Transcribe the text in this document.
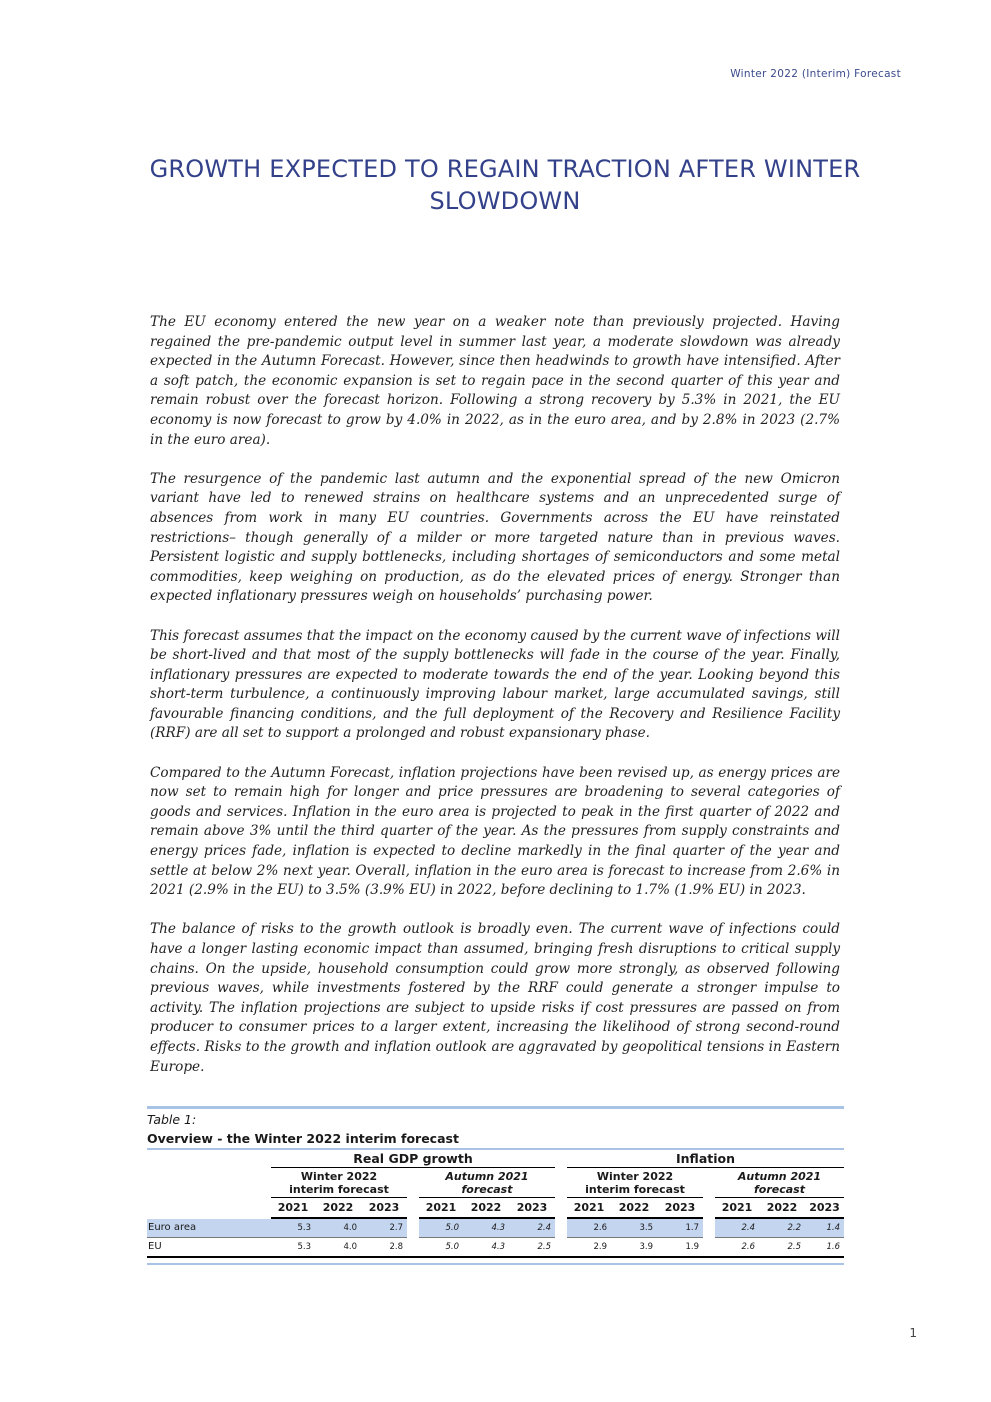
Winter 2022 (Interim) Forecast
GROWTH EXPECTED TO REGAIN TRACTION AFTER WINTER SLOWDOWN

The EU economy entered the new year on a weaker note than previously projected. Having regained the pre-pandemic output level in summer last year, a moderate slowdown was already expected in the Autumn Forecast. However, since then headwinds to growth have intensified. After a soft patch, the economic expansion is set to regain pace in the second quarter of this year and remain robust over the forecast horizon. Following a strong recovery by 5.3% in 2021, the EU economy is now forecast to grow by 4.0% in 2022, as in the euro area, and by 2.8% in 2023 (2.7% in the euro area).

The resurgence of the pandemic last autumn and the exponential spread of the new Omicron variant have led to renewed strains on healthcare systems and an unprecedented surge of absences from work in many EU countries. Governments across the EU have reinstated restrictions– though generally of a milder or more targeted nature than in previous waves. Persistent logistic and supply bottlenecks, including shortages of semiconductors and some metal commodities, keep weighing on production, as do the elevated prices of energy. Stronger than expected inflationary pressures weigh on households’ purchasing power.

This forecast assumes that the impact on the economy caused by the current wave of infections will be short-lived and that most of the supply bottlenecks will fade in the course of the year. Finally, inflationary pressures are expected to moderate towards the end of the year. Looking beyond this short-term turbulence, a continuously improving labour market, large accumulated savings, still favourable financing conditions, and the full deployment of the Recovery and Resilience Facility (RRF) are all set to support a prolonged and robust expansionary phase.

Compared to the Autumn Forecast, inflation projections have been revised up, as energy prices are now set to remain high for longer and price pressures are broadening to several categories of goods and services. Inflation in the euro area is projected to peak in the first quarter of 2022 and remain above 3% until the third quarter of the year. As the pressures from supply constraints and energy prices fade, inflation is expected to decline markedly in the final quarter of the year and settle at below 2% next year. Overall, inflation in the euro area is forecast to increase from 2.6% in 2021 (2.9% in the EU) to 3.5% (3.9% EU) in 2022, before declining to 1.7% (1.9% EU) in 2023.

The balance of risks to the growth outlook is broadly even. The current wave of infections could have a longer lasting economic impact than assumed, bringing fresh disruptions to critical supply chains. On the upside, household consumption could grow more strongly, as observed following previous waves, while investments fostered by the RRF could generate a stronger impulse to activity. The inflation projections are subject to upside risks if cost pressures are passed on from producer to consumer prices to a larger extent, increasing the likelihood of strong second-round effects. Risks to the growth and inflation outlook are aggravated by geopolitical tensions in Eastern Europe.

Table 1:
Overview - the Winter 2022 interim forecast
Real GDP growth	Inflation
Winter 2022
interim forecast
Autumn 2021
forecast
Winter 2022
interim forecast
Autumn 2021
forecast
2021	2022	2023	2021	2022	2023	2021	2022	2023	2021	2022	2023
Euro area	5.3	4.0	2.7	5.0	4.3	2.4	2.6	3.5	1.7	2.4	2.2	1.4
EU	5.3	4.0	2.8	5.0	4.3	2.5	2.9	3.9	1.9	2.6	2.5	1.6
1
